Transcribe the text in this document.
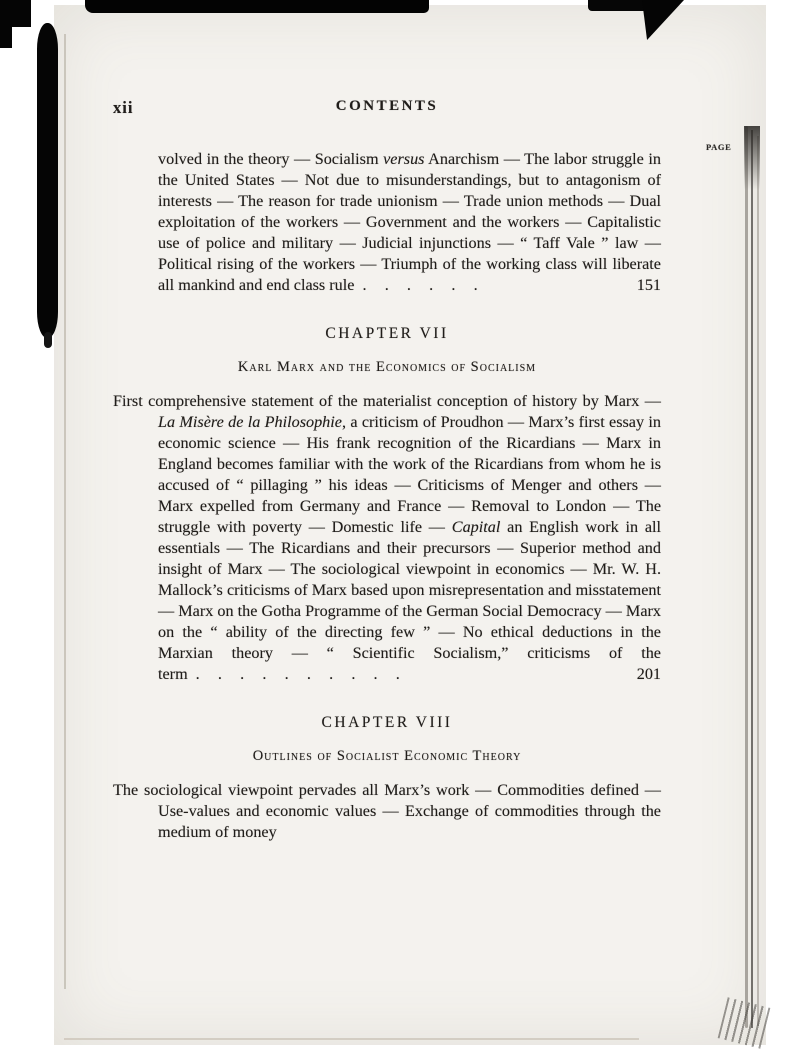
xii	CONTENTS
PAGE

volved in the theory — Socialism versus Anarchism — The labor struggle in the United States — Not due to misunderstandings, but to antagonism of interests — The reason for trade unionism — Trade union methods — Dual exploitation of the workers — Government and the workers — Capitalistic use of police and military — Judicial injunctions — “ Taff Vale ” law — Political rising of the workers — Triumph of the working class will liberate all mankind and end class rule . . . . . .	151

CHAPTER VII
Karl Marx and the Economics of Socialism

First comprehensive statement of the materialist conception of history by Marx — La Misère de la Philosophie, a criticism of Proudhon — Marx’s first essay in economic science — His frank recognition of the Ricardians — Marx in England becomes familiar with the work of the Ricardians from whom he is accused of “ pillaging ” his ideas — Criticisms of Menger and others — Marx expelled from Germany and France — Removal to London — The struggle with poverty — Domestic life — Capital an English work in all essentials — The Ricardians and their precursors — Superior method and insight of Marx — The sociological viewpoint in economics — Mr. W. H. Mallock’s criticisms of Marx based upon misrepresentation and misstatement — Marx on the Gotha Programme of the German Social Democracy — Marx on the “ ability of the directing few ” — No ethical deductions in the Marxian theory — “ Scientific Socialism,” criticisms of the term . . . . . . . . . .	201

CHAPTER VIII
Outlines of Socialist Economic Theory

The sociological viewpoint pervades all Marx’s work — Commodities defined — Use-values and economic values — Exchange of commodities through the medium of money
